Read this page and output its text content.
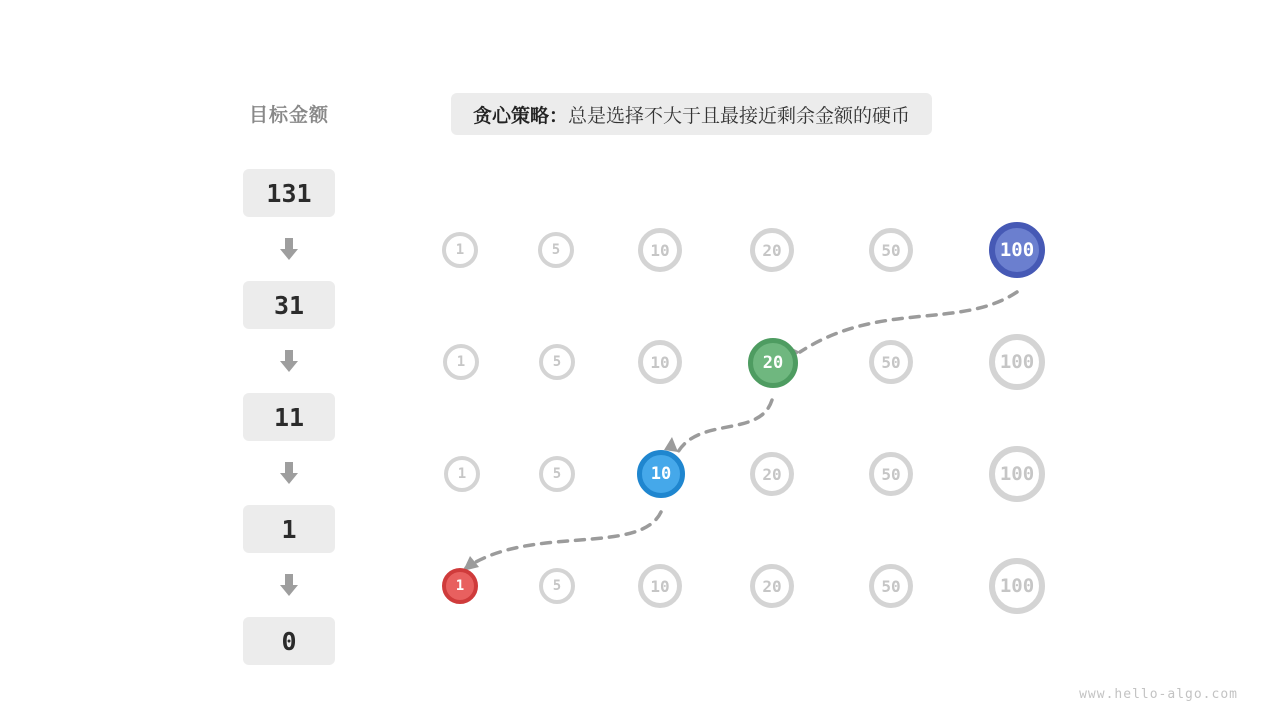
目标金额
131
31
11
1
0
贪心策略 ： 总是选择不大于且最接近剩余金额的硬币
1	5	10	20	50	100
1	5	10	20	50	100
1	5	10	20	50	100
1	5	10	20	50	100
www.hello-algo.com
